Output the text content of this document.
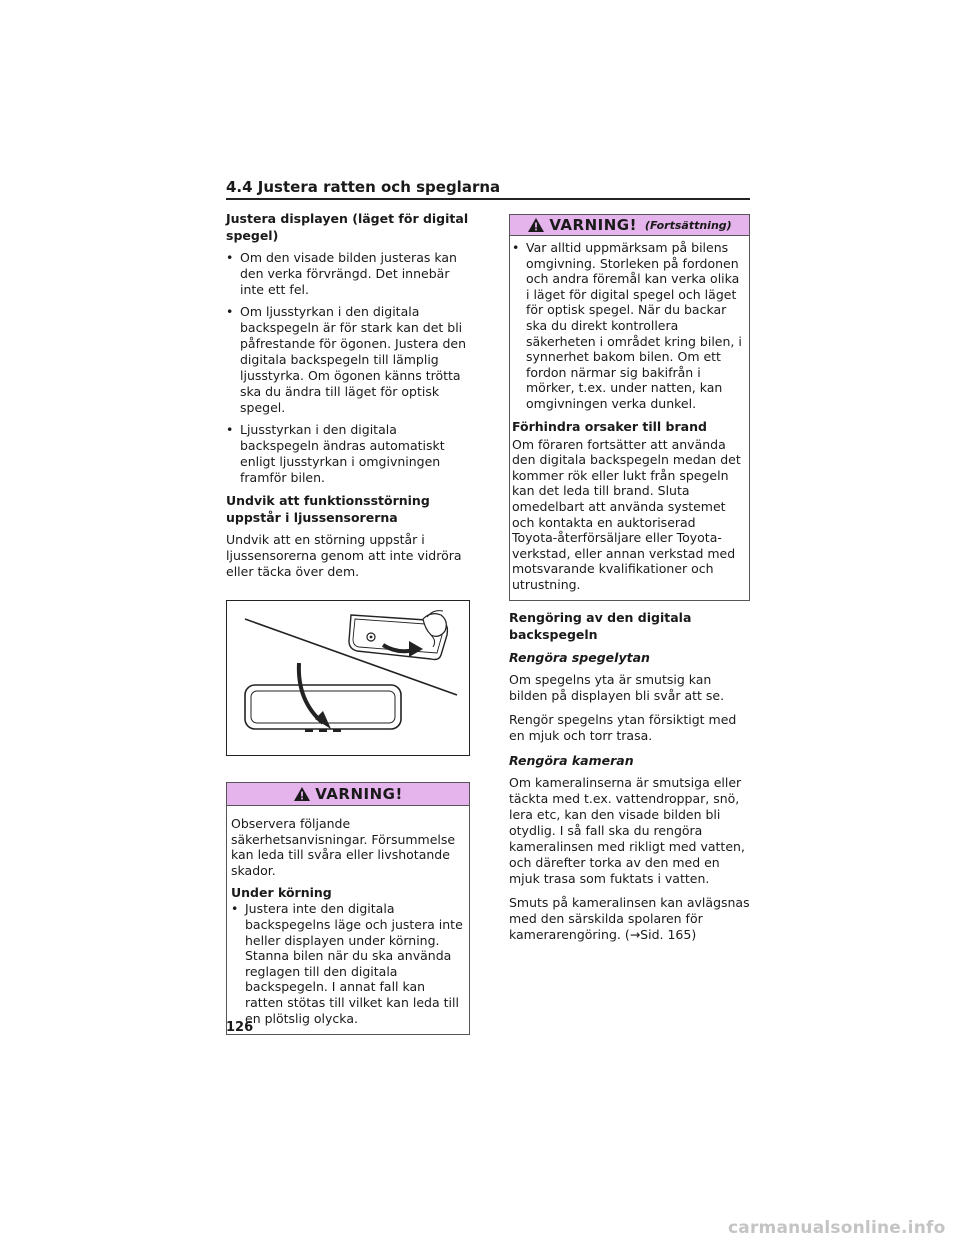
4.4 Justera ratten och speglarna
Justera displayen (läget för digital spegel)
• Om den visade bilden justeras kan den verka förvrängd. Det innebär inte ett fel.
• Om ljusstyrkan i den digitala backspegeln är för stark kan det bli påfrestande för ögonen. Justera den digitala backspegeln till lämplig ljusstyrka. Om ögonen känns trötta ska du ändra till läget för optisk spegel.
• Ljusstyrkan i den digitala backspegeln ändras automatiskt enligt ljusstyrkan i omgivningen framför bilen.
Undvik att funktionsstörning uppstår i ljussensorerna
Undvik att en störning uppstår i ljussensorerna genom att inte vidröra eller täcka över dem.
VARNING!
Observera följande säkerhetsanvisningar. Försummelse kan leda till svåra eller livshotande skador.
Under körning
• Justera inte den digitala backspegelns läge och justera inte heller displayen under körning. Stanna bilen när du ska använda reglagen till den digitala backspegeln. I annat fall kan ratten stötas till vilket kan leda till en plötslig olycka.
VARNING! (Fortsättning)
• Var alltid uppmärksam på bilens omgivning. Storleken på fordonen och andra föremål kan verka olika i läget för digital spegel och läget för optisk spegel. När du backar ska du direkt kontrollera säkerheten i området kring bilen, i synnerhet bakom bilen. Om ett fordon närmar sig bakifrån i mörker, t.ex. under natten, kan omgivningen verka dunkel.
Förhindra orsaker till brand
Om föraren fortsätter att använda den digitala backspegeln medan det kommer rök eller lukt från spegeln kan det leda till brand. Sluta omedelbart att använda systemet och kontakta en auktoriserad Toyota-återförsäljare eller Toyota-verkstad, eller annan verkstad med motsvarande kvalifikationer och utrustning.
Rengöring av den digitala backspegeln
Rengöra spegelytan
Om spegelns yta är smutsig kan bilden på displayen bli svår att se.
Rengör spegelns ytan försiktigt med en mjuk och torr trasa.
Rengöra kameran
Om kameralinserna är smutsiga eller täckta med t.ex. vattendroppar, snö, lera etc, kan den visade bilden bli otydlig. I så fall ska du rengöra kameralinsen med rikligt med vatten, och därefter torka av den med en mjuk trasa som fuktats i vatten.
Smuts på kameralinsen kan avlägsnas med den särskilda spolaren för kamerarengöring. (→Sid. 165)
126
carmanualsonline.info
